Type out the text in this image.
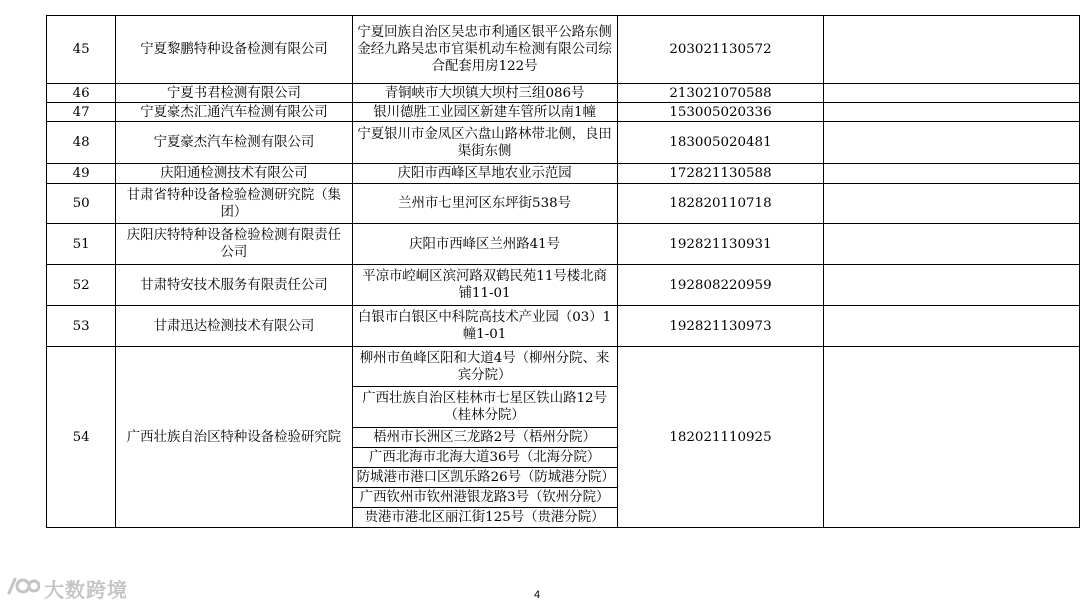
45	宁夏黎鹏特种设备检测有限公司	宁夏回族自治区吴忠市利通区银平公路东侧金经九路吴忠市官渠机动车检测有限公司综合配套用房122号	203021130572	
46	宁夏书君检测有限公司	青铜峡市大坝镇大坝村三组086号	213021070588	
47	宁夏豪杰汇通汽车检测有限公司	银川德胜工业园区新建车管所以南1幢	153005020336	
48	宁夏豪杰汽车检测有限公司	宁夏银川市金凤区六盘山路林带北侧，良田渠街东侧	183005020481	
49	庆阳通检测技术有限公司	庆阳市西峰区旱地农业示范园	172821130588	
50	甘肃省特种设备检验检测研究院（集团）	兰州市七里河区东坪街538号	182820110718	
51	庆阳庆特特种设备检验检测有限责任公司	庆阳市西峰区兰州路41号	192821130931	
52	甘肃特安技术服务有限责任公司	平凉市崆峒区滨河路双鹤民苑11号楼北商铺11-01	192808220959	
53	甘肃迅达检测技术有限公司	白银市白银区中科院高技术产业园（03）1幢1-01	192821130973	
54	广西壮族自治区特种设备检验研究院	柳州市鱼峰区阳和大道4号（柳州分院、来宾分院）	182021110925	
		广西壮族自治区桂林市七星区铁山路12号（桂林分院）		
		梧州市长洲区三龙路2号（梧州分院）		
		广西北海市北海大道36号（北海分院）		
		防城港市港口区凯乐路26号（防城港分院）		
		广西钦州市钦州港银龙路3号（钦州分院）		
		贵港市港北区丽江街125号（贵港分院）		
大数跨境	4
